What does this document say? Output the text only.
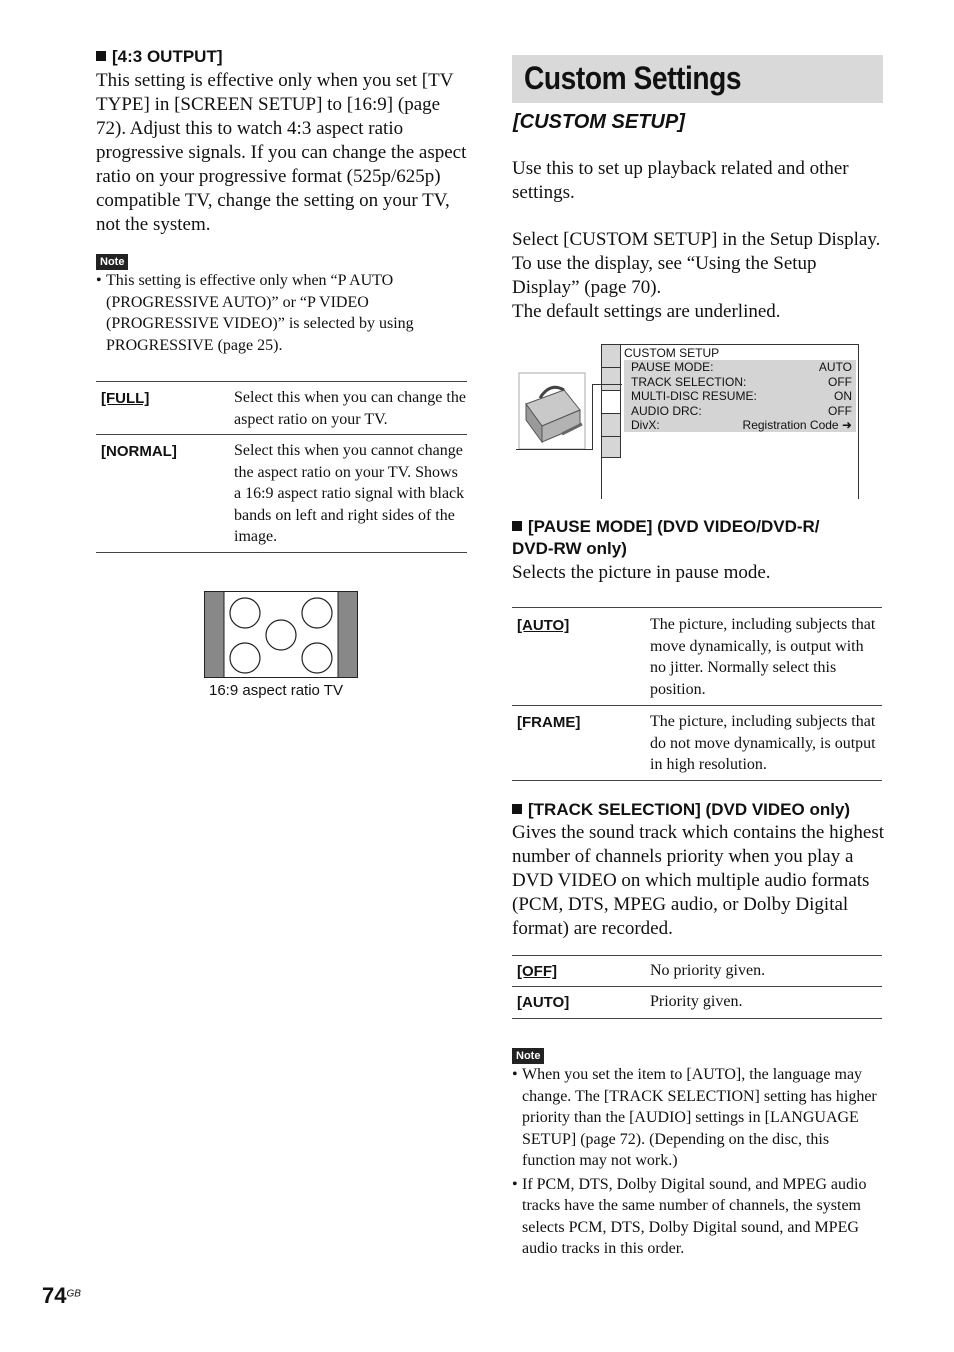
[4:3 OUTPUT]
This setting is effective only when you set [TV TYPE] in [SCREEN SETUP] to [16:9] (page 72). Adjust this to watch 4:3 aspect ratio progressive signals. If you can change the aspect ratio on your progressive format (525p/625p) compatible TV, change the setting on your TV, not the system.
Note
• This setting is effective only when “P AUTO (PROGRESSIVE AUTO)” or “P VIDEO (PROGRESSIVE VIDEO)” is selected by using PROGRESSIVE (page 25).
[FULL]	Select this when you can change the aspect ratio on your TV.
[NORMAL]	Select this when you cannot change the aspect ratio on your TV. Shows a 16:9 aspect ratio signal with black bands on left and right sides of the image.
16:9 aspect ratio TV
Custom Settings
[CUSTOM SETUP]
Use this to set up playback related and other settings.
Select [CUSTOM SETUP] in the Setup Display. To use the display, see “Using the Setup Display” (page 70).
The default settings are underlined.
CUSTOM SETUP
PAUSE MODE:	AUTO
TRACK SELECTION:	OFF
MULTI-DISC RESUME:	ON
AUDIO DRC:	OFF
DivX:	Registration Code ➜
[PAUSE MODE] (DVD VIDEO/DVD-R/
DVD-RW only)
Selects the picture in pause mode.
[AUTO]	The picture, including subjects that move dynamically, is output with no jitter. Normally select this position.
[FRAME]	The picture, including subjects that do not move dynamically, is output in high resolution.
[TRACK SELECTION] (DVD VIDEO only)
Gives the sound track which contains the highest number of channels priority when you play a DVD VIDEO on which multiple audio formats (PCM, DTS, MPEG audio, or Dolby Digital format) are recorded.
[OFF]	No priority given.
[AUTO]	Priority given.
Note
• When you set the item to [AUTO], the language may change. The [TRACK SELECTION] setting has higher priority than the [AUDIO] settings in [LANGUAGE SETUP] (page 72). (Depending on the disc, this function may not work.)
• If PCM, DTS, Dolby Digital sound, and MPEG audio tracks have the same number of channels, the system selects PCM, DTS, Dolby Digital sound, and MPEG audio tracks in this order.
$74^{GB}$
